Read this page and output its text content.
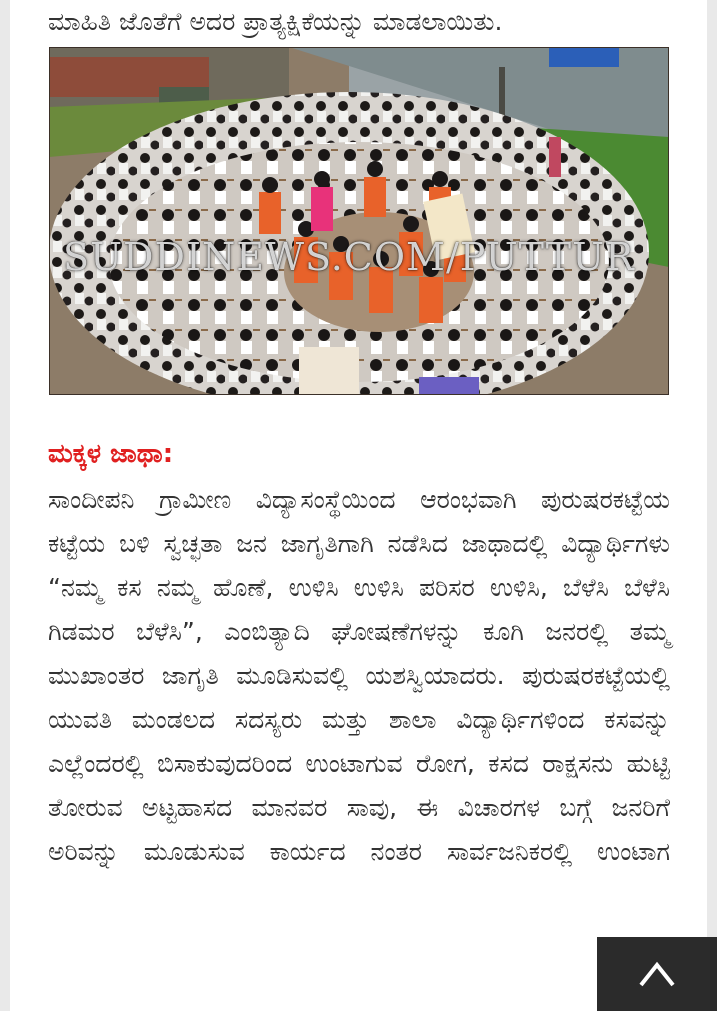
ಮಾಹಿತಿ ಜೊತೆಗೆ ಅದರ ಪ್ರಾತ್ಯಕ್ಷಿಕೆಯನ್ನು ಮಾಡಲಾಯಿತು.

SUDDINEWS.COM/PUTTUR
ಮಕ್ಕಳ ಜಾಥಾ:

ಸಾಂದೀಪನಿ ಗ್ರಾಮೀಣ ವಿದ್ಯಾಸಂಸ್ಥೆಯಿಂದ ಆರಂಭವಾಗಿ ಪುರುಷರಕಟ್ಟೆಯ ಕಟ್ಟೆಯ ಬಳಿ ಸ್ವಚ್ಛತಾ ಜನ ಜಾಗೃತಿಗಾಗಿ ನಡೆಸಿದ ಜಾಥಾದಲ್ಲಿ ವಿದ್ಯಾರ್ಥಿಗಳು “ನಮ್ಮ ಕಸ ನಮ್ಮ ಹೊಣೆ, ಉಳಿಸಿ ಉಳಿಸಿ ಪರಿಸರ ಉಳಿಸಿ, ಬೆಳೆಸಿ ಬೆಳೆಸಿ ಗಿಡಮರ ಬೆಳೆಸಿ”, ಎಂಬಿತ್ಯಾದಿ ಘೋಷಣೆಗಳನ್ನು ಕೂಗಿ ಜನರಲ್ಲಿ ತಮ್ಮ ಮುಖಾಂತರ ಜಾಗೃತಿ ಮೂಡಿಸುವಲ್ಲಿ ಯಶಸ್ವಿಯಾದರು. ಪುರುಷರಕಟ್ಟೆಯಲ್ಲಿ ಯುವತಿ ಮಂಡಲದ ಸದಸ್ಯರು ಮತ್ತು ಶಾಲಾ ವಿದ್ಯಾರ್ಥಿಗಳಿಂದ ಕಸವನ್ನು ಎಲ್ಲೆಂದರಲ್ಲಿ ಬಿಸಾಕುವುದರಿಂದ ಉಂಟಾಗುವ ರೋಗ, ಕಸದ ರಾಕ್ಷಸನು ಹುಟ್ಟಿ ತೋರುವ ಅಟ್ಟಹಾಸದ ಮಾನವರ ಸಾವು, ಈ ವಿಚಾರಗಳ ಬಗ್ಗೆ ಜನರಿಗೆ ಅರಿವನ್ನು ಮೂಡುಸುವ ಕಾರ್ಯದ ನಂತರ ಸಾರ್ವಜನಿಕರಲ್ಲಿ ಉಂಟಾಗ
